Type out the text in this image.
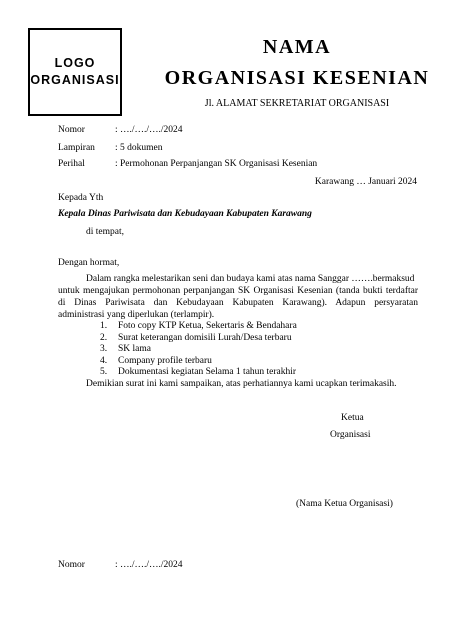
LOGO
ORGANISASI
NAMA
ORGANISASI KESENIAN
Jl. ALAMAT SEKRETARIAT ORGANISASI
Nomor	: …./…./…./2024
Lampiran : 5 dokumen
Perihal	: Permohonan Perpanjangan SK Organisasi Kesenian
Karawang … Januari 2024
Kepada Yth
Kepala Dinas Pariwisata dan Kebudayaan Kabupaten Karawang
di tempat,
Dengan hormat,
Dalam rangka melestarikan seni dan budaya kami atas nama Sanggar …….bermaksud
untuk mengajukan permohonan perpanjangan SK Organisasi Kesenian (tanda bukti terdaftar
di Dinas Pariwisata dan Kebudayaan Kabupaten Karawang). Adapun persyaratan
administrasi yang diperlukan (terlampir).
1. Foto copy KTP Ketua, Sekertaris & Bendahara
2. Surat keterangan domisili Lurah/Desa terbaru
3. SK lama
4. Company profile terbaru
5. Dokumentasi kegiatan Selama 1 tahun terakhir
Demikian surat ini kami sampaikan, atas perhatiannya kami ucapkan terimakasih.
Ketua
Organisasi
(Nama Ketua Organisasi)
Nomor	: …./…./…./2024
